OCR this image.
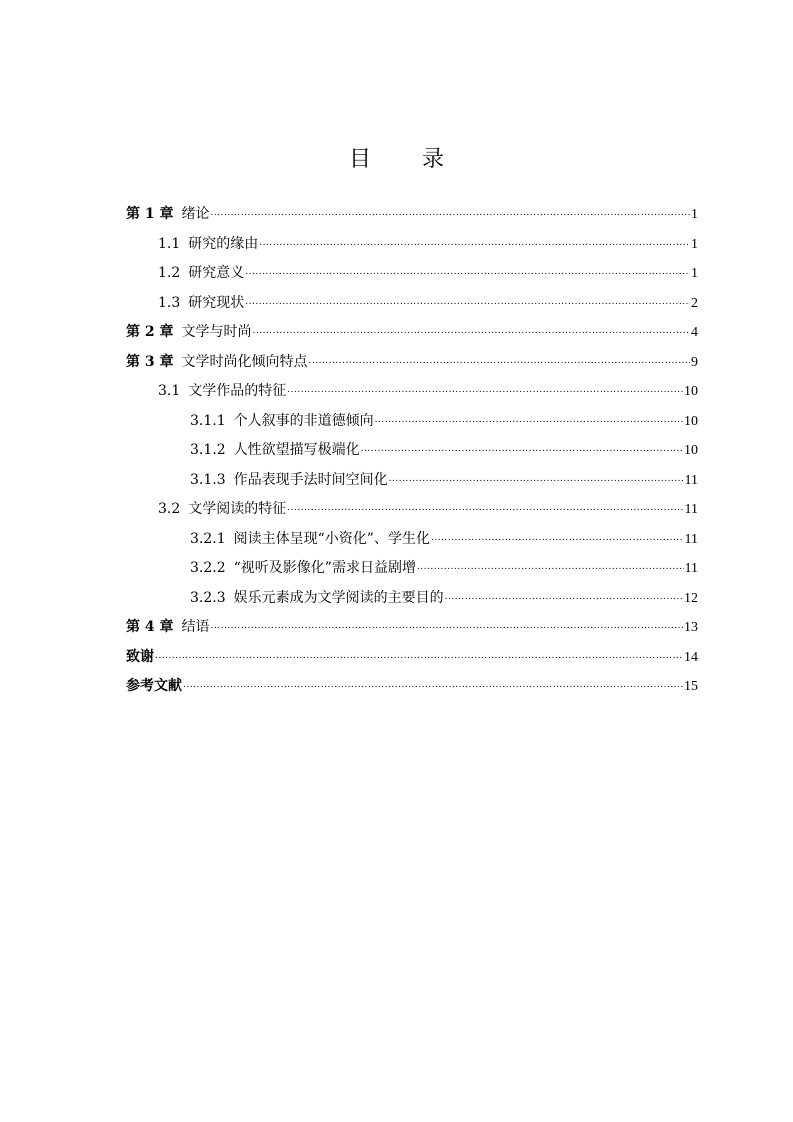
目 录
第 1 章 绪论 .....	1
1.1 研究的缘由 .....	1
1.2 研究意义 .....	1
1.3 研究现状 .....	2
第 2 章 文学与时尚 .....	4
第 3 章 文学时尚化倾向特点 .....	9
3.1 文学作品的特征 .....	10
3.1.1 个人叙事的非道德倾向 .....	10
3.1.2 人性欲望描写极端化 .....	10
3.1.3 作品表现手法时间空间化 .....	11
3.2 文学阅读的特征 .....	11
3.2.1 阅读主体呈现“小资化”、学生化 .....	11
3.2.2 “视听及影像化”需求日益剧增 .....	11
3.2.3 娱乐元素成为文学阅读的主要目的 .....	12
第 4 章 结语 .....	13
致谢 .....	14
参考文献 .....	15
